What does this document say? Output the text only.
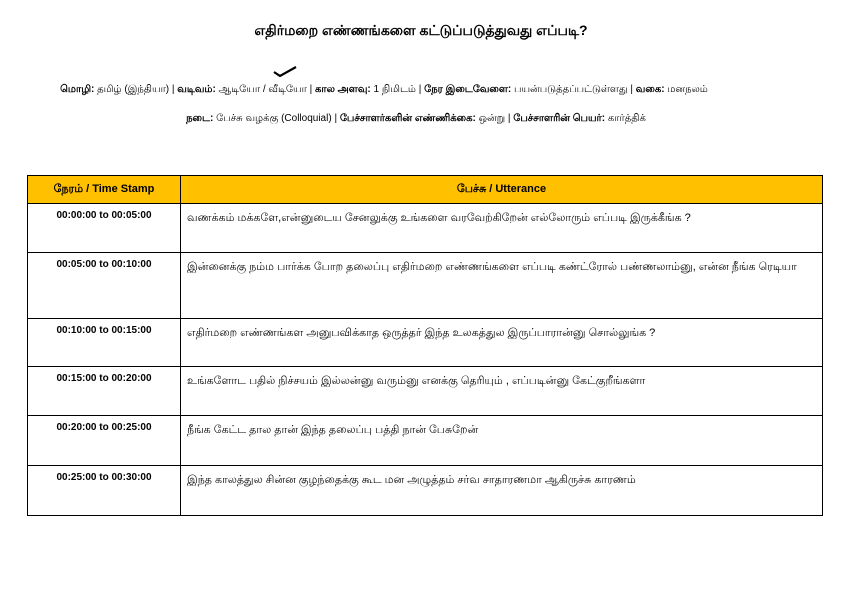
எதிர்மறை எண்ணங்களை கட்டுப்படுத்துவது எப்படி?
மொழி: தமிழ் (இந்தியா) | வடிவம்: ஆடியோ / வீடியோ | கால அளவு: 1 நிமிடம் | நேர இடைவேளை: பயன்படுத்தப்பட்டுள்ளது | வகை: மனநலம்
நடை: பேச்சு வழக்கு (Colloquial) | பேச்சாளர்களின் எண்ணிக்கை: ஒன்று | பேச்சாளரின் பெயர்: கார்த்திக்
நேரம் / Time Stamp	பேச்சு / Utterance
00:00:00 to 00:05:00	வணக்கம் மக்களே,என்னுடைய சேனலுக்கு உங்களை வரவேற்கிறேன் எல்லோரும் எப்படி இருக்கீங்க ?

00:05:00 to 00:10:00	இன்னைக்கு நம்ம பார்க்க போற தலைப்பு எதிர்மறை எண்ணங்களை எப்படி கண்ட்ரோல் பண்ணலாம்னு, என்ன நீங்க ரெடியா

00:10:00 to 00:15:00	எதிர்மறை எண்ணங்கள அனுபவிக்காத ஒருத்தர் இந்த உலகத்துல இருப்பாரான்னு சொல்லுங்க ?

00:15:00 to 00:20:00	உங்களோட பதில் நிச்சயம் இல்லன்னு வரும்னு எனக்கு தெரியும் , எப்படின்னு கேட்குறீங்களா

00:20:00 to 00:25:00	நீங்க கேட்ட தால தான் இந்த தலைப்பு பத்தி நான் பேசுறேன்

00:25:00 to 00:30:00	இந்த காலத்துல சின்ன குழந்தைக்கு கூட மன அழுத்தம் சர்வ சாதாரணமா ஆகிருச்சு காரணம்
